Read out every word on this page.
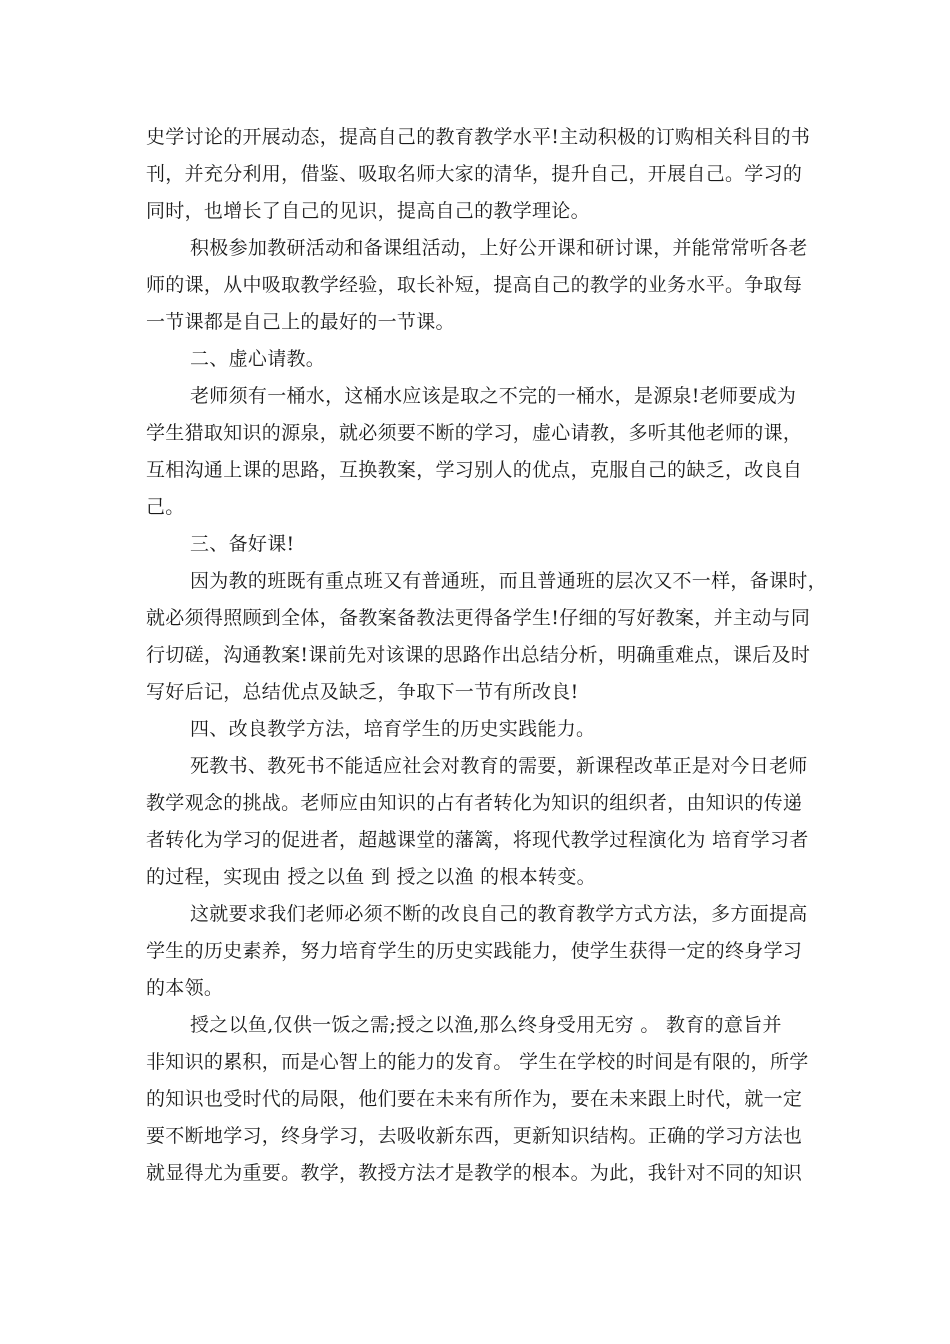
史学讨论的开展动态，提高自己的教育教学水平!主动积极的订购相关科目的书
刊，并充分利用，借鉴、吸取名师大家的清华，提升自己，开展自己。学习的
同时，也增长了自己的见识，提高自己的教学理论。
积极参加教研活动和备课组活动，上好公开课和研讨课，并能常常听各老
师的课，从中吸取教学经验，取长补短，提高自己的教学的业务水平。争取每
一节课都是自己上的最好的一节课。
二、虚心请教。
老师须有一桶水，这桶水应该是取之不完的一桶水，是源泉!老师要成为
学生猎取知识的源泉，就必须要不断的学习，虚心请教，多听其他老师的课，
互相沟通上课的思路，互换教案，学习别人的优点，克服自己的缺乏，改良自
己。
三、备好课!
因为教的班既有重点班又有普通班，而且普通班的层次又不一样，备课时，
就必须得照顾到全体，备教案备教法更得备学生!仔细的写好教案，并主动与同
行切磋，沟通教案!课前先对该课的思路作出总结分析，明确重难点，课后及时
写好后记，总结优点及缺乏，争取下一节有所改良!
四、改良教学方法，培育学生的历史实践能力。
死教书、教死书不能适应社会对教育的需要，新课程改革正是对今日老师
教学观念的挑战。老师应由知识的占有者转化为知识的组织者，由知识的传递
者转化为学习的促进者，超越课堂的藩篱，将现代教学过程演化为 培育学习者
的过程，实现由 授之以鱼 到 授之以渔 的根本转变。
这就要求我们老师必须不断的改良自己的教育教学方式方法，多方面提高
学生的历史素养，努力培育学生的历史实践能力，使学生获得一定的终身学习
的本领。
授之以鱼,仅供一饭之需;授之以渔,那么终身受用无穷 。 教育的意旨并
非知识的累积，而是心智上的能力的发育。 学生在学校的时间是有限的，所学
的知识也受时代的局限，他们要在未来有所作为，要在未来跟上时代，就一定
要不断地学习，终身学习，去吸收新东西，更新知识结构。正确的学习方法也
就显得尤为重要。教学，教授方法才是教学的根本。为此，我针对不同的知识
